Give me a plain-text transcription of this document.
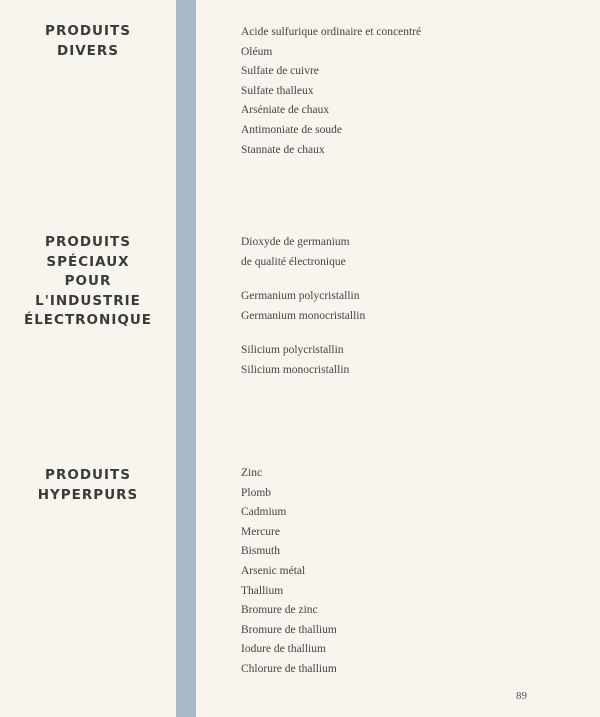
PRODUITS
DIVERS
Acide sulfurique ordinaire et concentré
Oléum
Sulfate de cuivre
Sulfate thalleux
Arséniate de chaux
Antimoniate de soude
Stannate de chaux
PRODUITS
SPÉCIAUX
POUR
L'INDUSTRIE
ÉLECTRONIQUE
Dioxyde de germanium
de qualité électronique
Germanium polycristallin
Germanium monocristallin
Silicium polycristallin
Silicium monocristallin
PRODUITS
HYPERPURS
Zinc
Plomb
Cadmium
Mercure
Bismuth
Arsenic métal
Thallium
Bromure de zinc
Bromure de thallium
Iodure de thallium
Chlorure de thallium
89
